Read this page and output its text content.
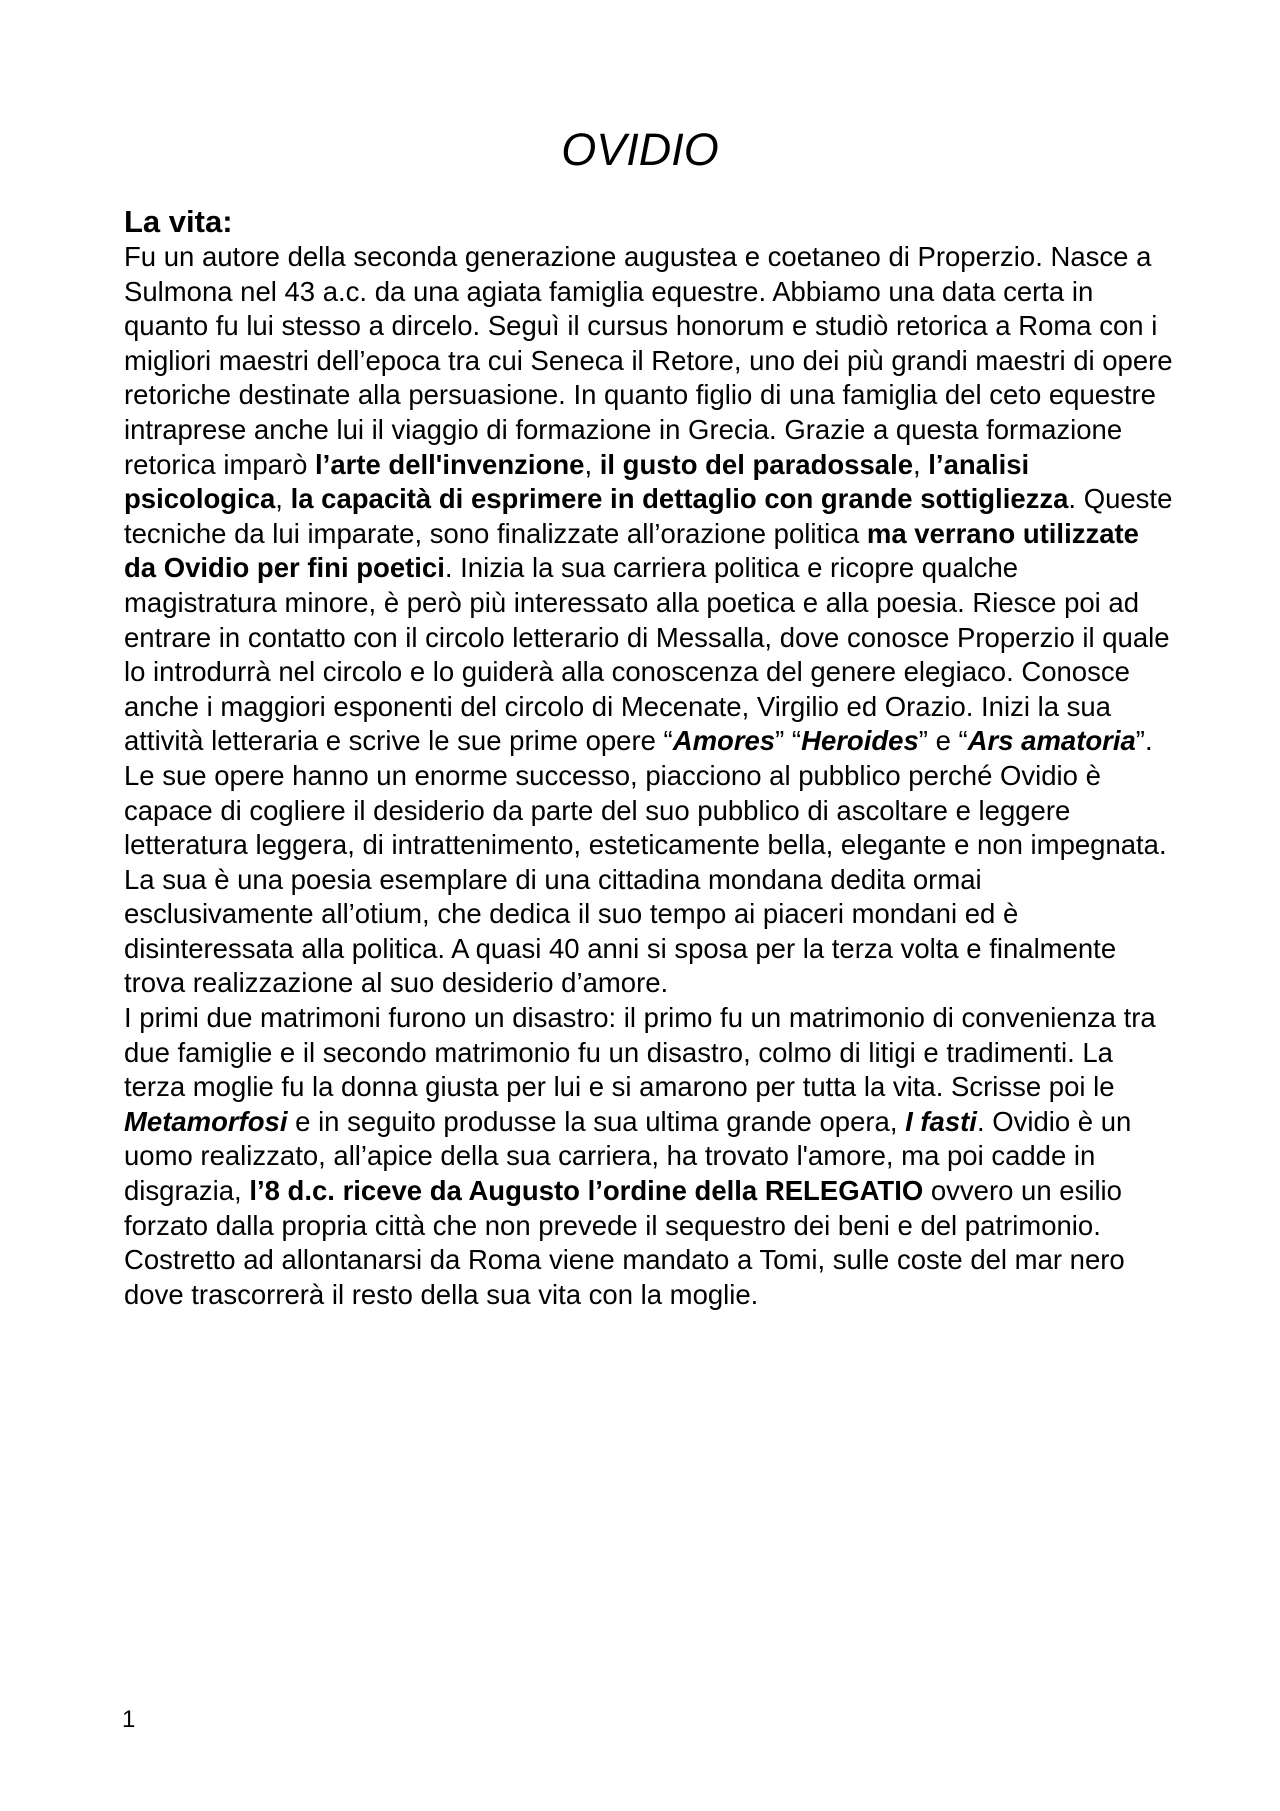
OVIDIO
La vita:

Fu un autore della seconda generazione augustea e coetaneo di Properzio. Nasce a Sulmona nel 43 a.c. da una agiata famiglia equestre. Abbiamo una data certa in quanto fu lui stesso a dircelo. Seguì il cursus honorum e studiò retorica a Roma con i migliori maestri dell’epoca tra cui Seneca il Retore, uno dei più grandi maestri di opere retoriche destinate alla persuasione. In quanto figlio di una famiglia del ceto equestre intraprese anche lui il viaggio di formazione in Grecia. Grazie a questa formazione retorica imparò l’arte dell'invenzione, il gusto del paradossale, l’analisi psicologica, la capacità di esprimere in dettaglio con grande sottigliezza. Queste tecniche da lui imparate, sono finalizzate all’orazione politica ma verrano utilizzate da Ovidio per fini poetici. Inizia la sua carriera politica e ricopre qualche magistratura minore, è però più interessato alla poetica e alla poesia. Riesce poi ad entrare in contatto con il circolo letterario di Messalla, dove conosce Properzio il quale lo introdurrà nel circolo e lo guiderà alla conoscenza del genere elegiaco. Conosce anche i maggiori esponenti del circolo di Mecenate, Virgilio ed Orazio. Inizi la sua attività letteraria e scrive le sue prime opere “Amores” “Heroides” e “Ars amatoria”. Le sue opere hanno un enorme successo, piacciono al pubblico perché Ovidio è capace di cogliere il desiderio da parte del suo pubblico di ascoltare e leggere letteratura leggera, di intrattenimento, esteticamente bella, elegante e non impegnata. La sua è una poesia esemplare di una cittadina mondana dedita ormai esclusivamente all’otium, che dedica il suo tempo ai piaceri mondani ed è disinteressata alla politica. A quasi 40 anni si sposa per la terza volta e finalmente trova realizzazione al suo desiderio d’amore.

I primi due matrimoni furono un disastro: il primo fu un matrimonio di convenienza tra due famiglie e il secondo matrimonio fu un disastro, colmo di litigi e tradimenti. La terza moglie fu la donna giusta per lui e si amarono per tutta la vita. Scrisse poi le Metamorfosi e in seguito produsse la sua ultima grande opera, I fasti. Ovidio è un uomo realizzato, all’apice della sua carriera, ha trovato l'amore, ma poi cadde in disgrazia, l’8 d.c. riceve da Augusto l’ordine della RELEGATIO ovvero un esilio forzato dalla propria città che non prevede il sequestro dei beni e del patrimonio. Costretto ad allontanarsi da Roma viene mandato a Tomi, sulle coste del mar nero dove trascorrerà il resto della sua vita con la moglie.

1
